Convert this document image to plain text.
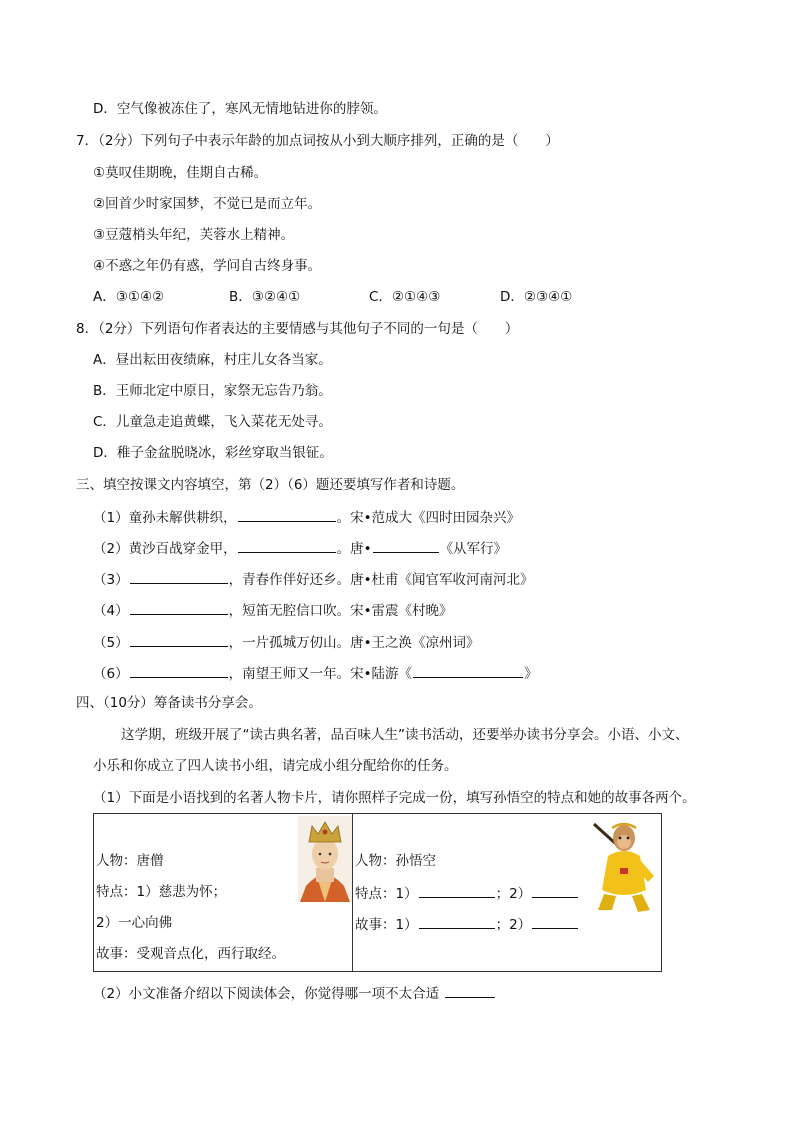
D．空气像被冻住了，寒风无情地钻进你的脖领。
7．（2分）下列句子中表示年龄的加点词按从小到大顺序排列，正确的是（　　）
①莫叹佳期晚，佳期自古稀。
②回首少时家国梦，不觉已是而立年。
③豆蔻梢头年纪，芙蓉水上精神。
④不惑之年仍有惑，学问自古终身事。
A．③①④②	B．③②④①	C．②①④③	D．②③④①
8．（2分）下列语句作者表达的主要情感与其他句子不同的一句是（　　）
A．昼出耘田夜绩麻，村庄儿女各当家。
B．王师北定中原日，家祭无忘告乃翁。
C．儿童急走追黄蝶，飞入菜花无处寻。
D．稚子金盆脱晓冰，彩丝穿取当银钲。
三、填空按课文内容填空，第（2）（6）题还要填写作者和诗题。
（1）童孙未解供耕织，	。宋•范成大《四时田园杂兴》
（2）黄沙百战穿金甲，	。唐•	《从军行》
（3）	，青春作伴好还乡。唐•杜甫《闻官军收河南河北》
（4）	，短笛无腔信口吹。宋•雷震《村晚》
（5）	，一片孤城万仞山。唐•王之涣《凉州词》
（6）	，南望王师又一年。宋•陆游《	》
四、（10分）筹备读书分享会。
这学期，班级开展了“读古典名著，品百味人生”读书活动，还要举办读书分享会。小语、小文、
小乐和你成立了四人读书小组，请完成小组分配给你的任务。
（1）下面是小语找到的名著人物卡片，请你照样子完成一份，填写孙悟空的特点和她的故事各两个。
人物：唐僧
特点：1）慈悲为怀；
2）一心向佛
故事：受观音点化，西行取经。
人物：孙悟空
特点：1）	；2）
故事：1）	；2）
（2）小文准备介绍以下阅读体会，你觉得哪一项不太合适
